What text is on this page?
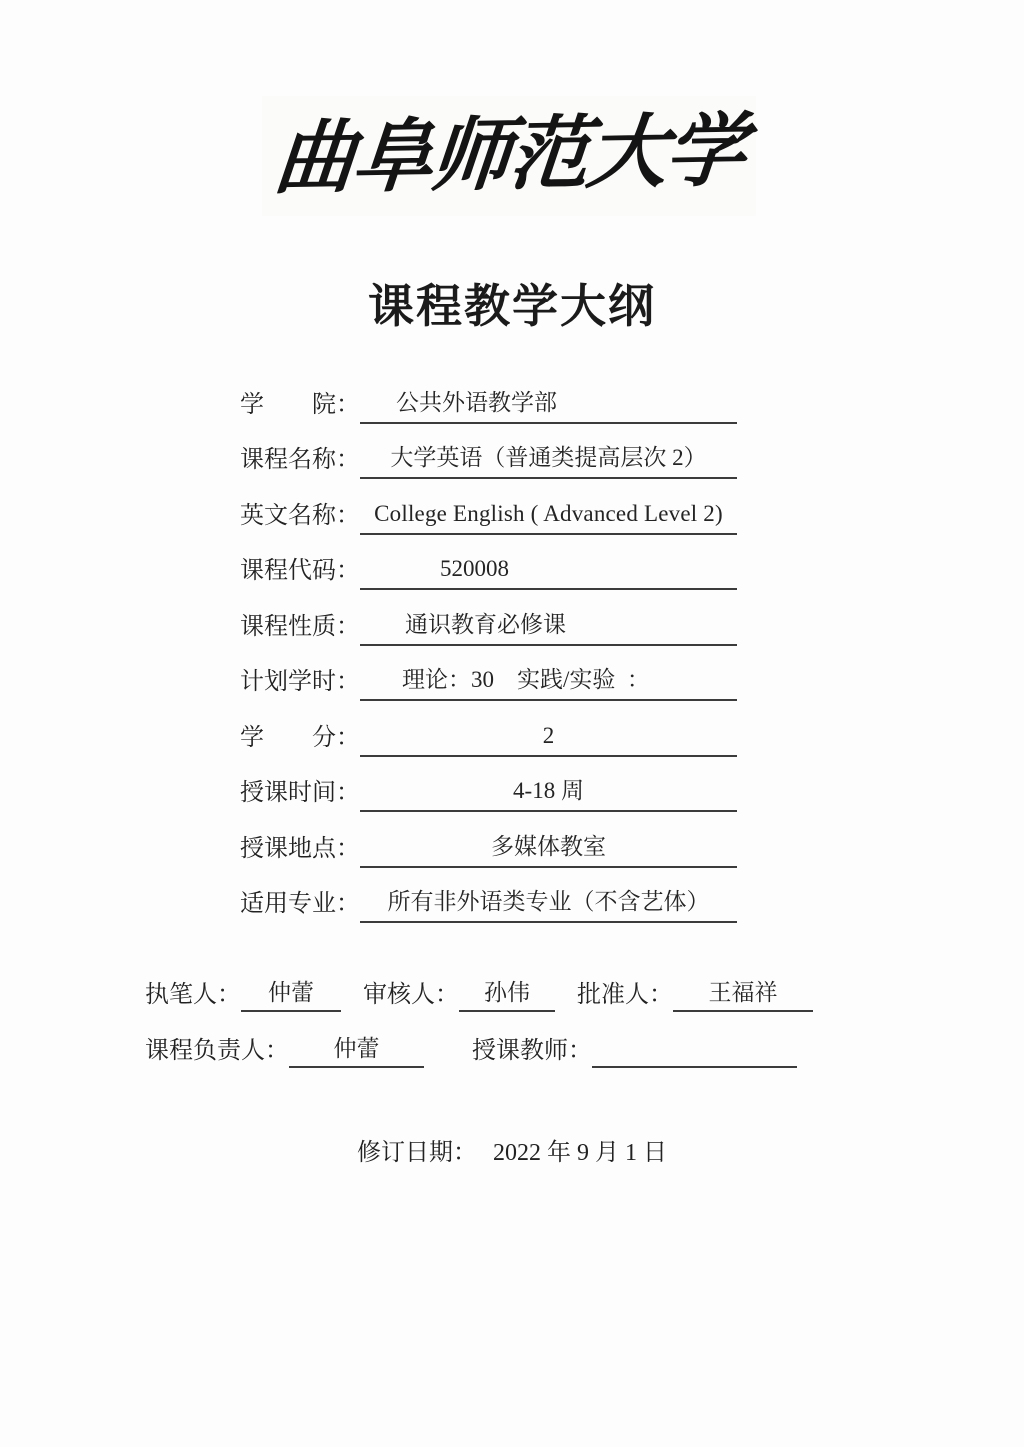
曲阜师范大学
课程教学大纲
学　　院：	公共外语教学部
课程名称：	大学英语（普通类提高层次 2）
英文名称： College English ( Advanced Level 2)
课程代码：	520008
课程性质：	通识教育必修课
计划学时：	理论：30　实践/实验  ：
学　　分：	2
授课时间：	4-18 周
授课地点：	多媒体教室
适用专业：	所有非外语类专业（不含艺体）
执笔人：	仲蕾	审核人：	孙伟	批准人：	王福祥
课程负责人：	仲蕾	授课教师：
修订日期： 2022 年 9 月 1 日
